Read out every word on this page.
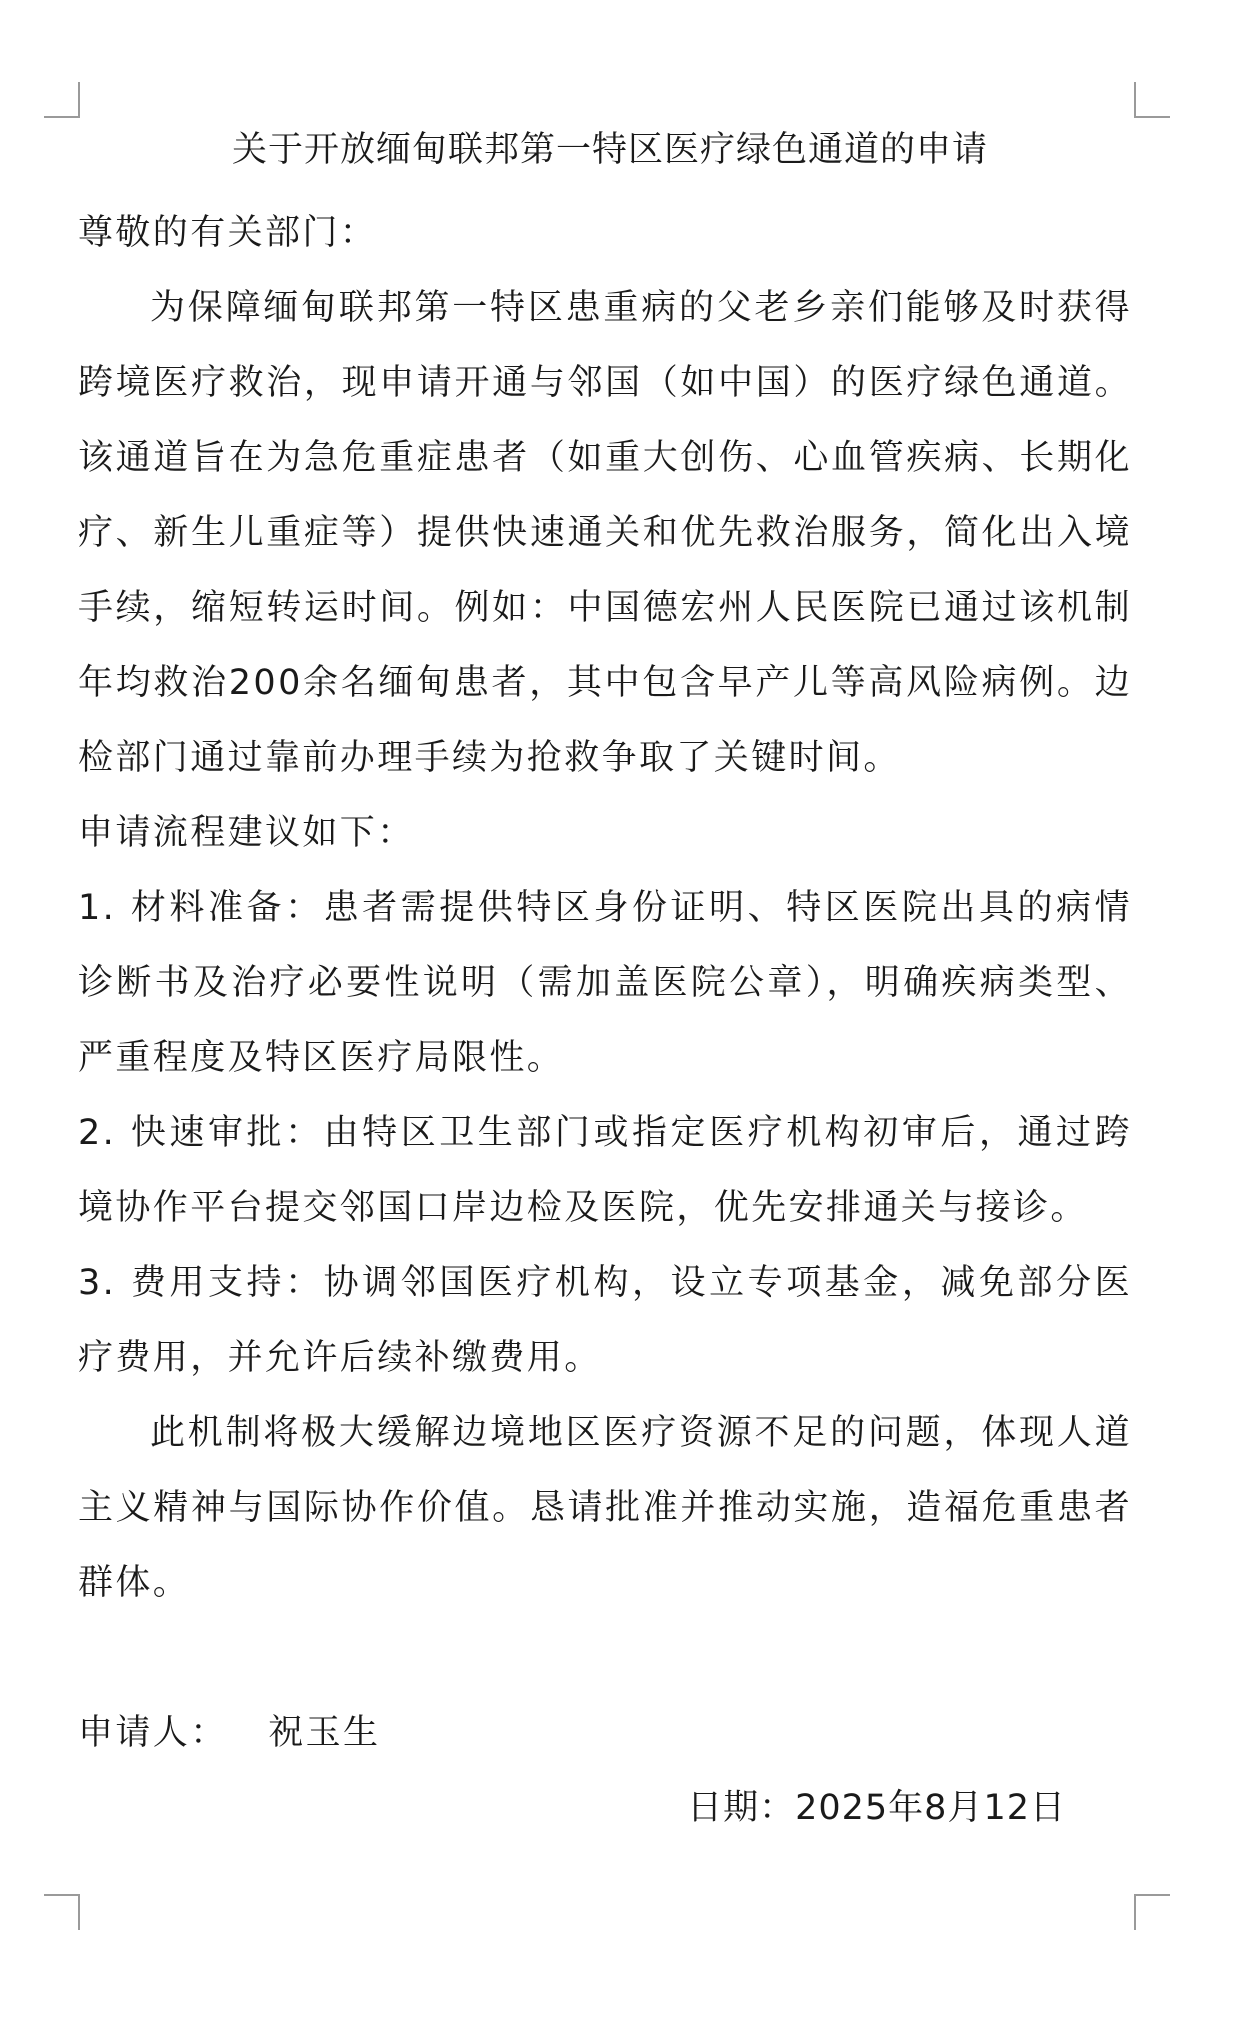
关于开放缅甸联邦第一特区医疗绿色通道的申请

尊敬的有关部门：

为保障缅甸联邦第一特区患重病的父老乡亲们能够及时获得跨境医疗救治，现申请开通与邻国（如中国）的医疗绿色通道。该通道旨在为急危重症患者（如重大创伤、心血管疾病、长期化疗、新生儿重症等）提供快速通关和优先救治服务，简化出入境手续，缩短转运时间。例如：中国德宏州人民医院已通过该机制年均救治200余名缅甸患者，其中包含早产儿等高风险病例。边检部门通过靠前办理手续为抢救争取了关键时间。

申请流程建议如下：

1. 材料准备：患者需提供特区身份证明、特区医院出具的病情诊断书及治疗必要性说明（需加盖医院公章），明确疾病类型、严重程度及特区医疗局限性。

2. 快速审批：由特区卫生部门或指定医疗机构初审后，通过跨境协作平台提交邻国口岸边检及医院，优先安排通关与接诊。

3. 费用支持：协调邻国医疗机构，设立专项基金，减免部分医疗费用，并允许后续补缴费用。

此机制将极大缓解边境地区医疗资源不足的问题，体现人道主义精神与国际协作价值。恳请批准并推动实施，造福危重患者群体。

申请人： 祝玉生

日期：2025年8月12日
